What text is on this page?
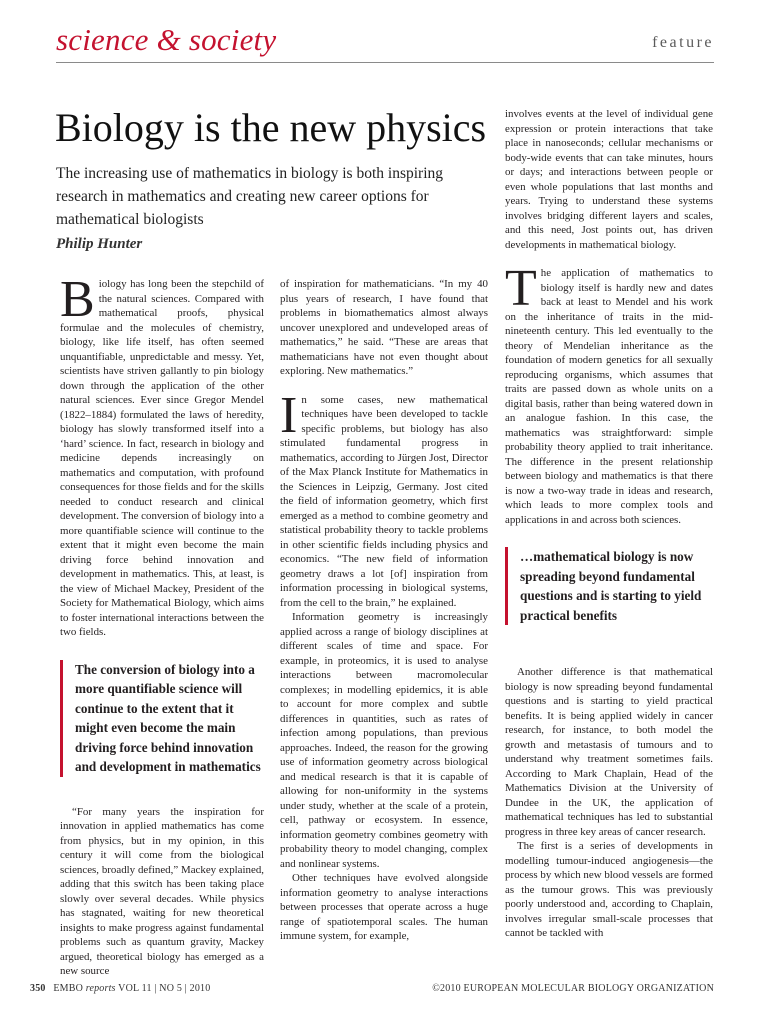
science & society	feature
Biology is the new physics
The increasing use of mathematics in biology is both inspiring research in mathematics and creating new career options for mathematical biologists
Philip Hunter

Biology has long been the stepchild of the natural sciences. Compared with mathematical proofs, physical formulae and the molecules of chemistry, biology, like life itself, has often seemed unquantifiable, unpredictable and messy. Yet, scientists have striven gallantly to pin biology down through the application of the other natural sciences. Ever since Gregor Mendel (1822–1884) formulated the laws of heredity, biology has slowly transformed itself into a ‘hard’ science. In fact, research in biology and medicine depends increasingly on mathematics and computation, with profound consequences for those fields and for the skills needed to conduct research and clinical development. The conversion of biology into a more quantifiable science will continue to the extent that it might even become the main driving force behind innovation and development in mathematics. This, at least, is the view of Michael Mackey, President of the Society for Mathematical Biology, which aims to foster international interactions between the two fields.

The conversion of biology into a more quantifiable science will continue to the extent that it might even become the main driving force behind innovation and development in mathematics

“For many years the inspiration for innovation in applied mathematics has come from physics, but in my opinion, in this century it will come from the biological sciences, broadly defined,” Mackey explained, adding that this switch has been taking place slowly over several decades. While physics has stagnated, waiting for new theoretical insights to make progress against fundamental problems such as quantum gravity, Mackey argued, theoretical biology has emerged as a new source

of inspiration for mathematicians. “In my 40 plus years of research, I have found that problems in biomathematics almost always uncover unexplored and undeveloped areas of mathematics,” he said. “These are areas that mathematicians have not even thought about exploring. New mathematics.”

In some cases, new mathematical techniques have been developed to tackle specific problems, but biology has also stimulated fundamental progress in mathematics, according to Jürgen Jost, Director of the Max Planck Institute for Mathematics in the Sciences in Leipzig, Germany. Jost cited the field of information geometry, which first emerged as a method to combine geometry and statistical probability theory to tackle problems in other scientific fields including physics and economics. “The new field of information geometry draws a lot [of] inspiration from information processing in biological systems, from the cell to the brain,” he explained.

Information geometry is increasingly applied across a range of biology disciplines at different scales of time and space. For example, in proteomics, it is used to analyse interactions between macromolecular complexes; in modelling epidemics, it is able to account for more complex and subtle differences in quantities, such as rates of infection among populations, than previous approaches. Indeed, the reason for the growing use of information geometry across biological and medical research is that it is capable of allowing for non-uniformity in the systems under study, whether at the scale of a protein, cell, pathway or ecosystem. In essence, information geometry combines geometry with probability theory to model changing, complex and nonlinear systems.

Other techniques have evolved alongside information geometry to analyse interactions between processes that operate across a huge range of spatiotemporal scales. The human immune system, for example,

involves events at the level of individual gene expression or protein interactions that take place in nanoseconds; cellular mechanisms or body-wide events that can take minutes, hours or days; and interactions between people or even whole populations that last months and years. Trying to understand these systems involves bridging different layers and scales, and this need, Jost points out, has driven developments in mathematical biology.

The application of mathematics to biology itself is hardly new and dates back at least to Mendel and his work on the inheritance of traits in the mid-nineteenth century. This led eventually to the theory of Mendelian inheritance as the foundation of modern genetics for all sexually reproducing organisms, which assumes that traits are passed down as whole units on a digital basis, rather than being watered down in an analogue fashion. In this case, the mathematics was straightforward: simple probability theory applied to trait inheritance. The difference in the present relationship between biology and mathematics is that there is now a two-way trade in ideas and research, which leads to more complex tools and applications in and across both sciences.

…mathematical biology is now spreading beyond fundamental questions and is starting to yield practical benefits

Another difference is that mathematical biology is now spreading beyond fundamental questions and is starting to yield practical benefits. It is being applied widely in cancer research, for instance, to both model the growth and metastasis of tumours and to understand why treatment sometimes fails. According to Mark Chaplain, Head of the Mathematics Division at the University of Dundee in the UK, the application of mathematical techniques has led to substantial progress in three key areas of cancer research.

The first is a series of developments in modelling tumour-induced angiogenesis—the process by which new blood vessels are formed as the tumour grows. This was previously poorly understood and, according to Chaplain, involves irregular small-scale processes that cannot be tackled with

350 EMBO reports VOL 11 | NO 5 | 2010	©2010 EUROPEAN MOLECULAR BIOLOGY ORGANIZATION
